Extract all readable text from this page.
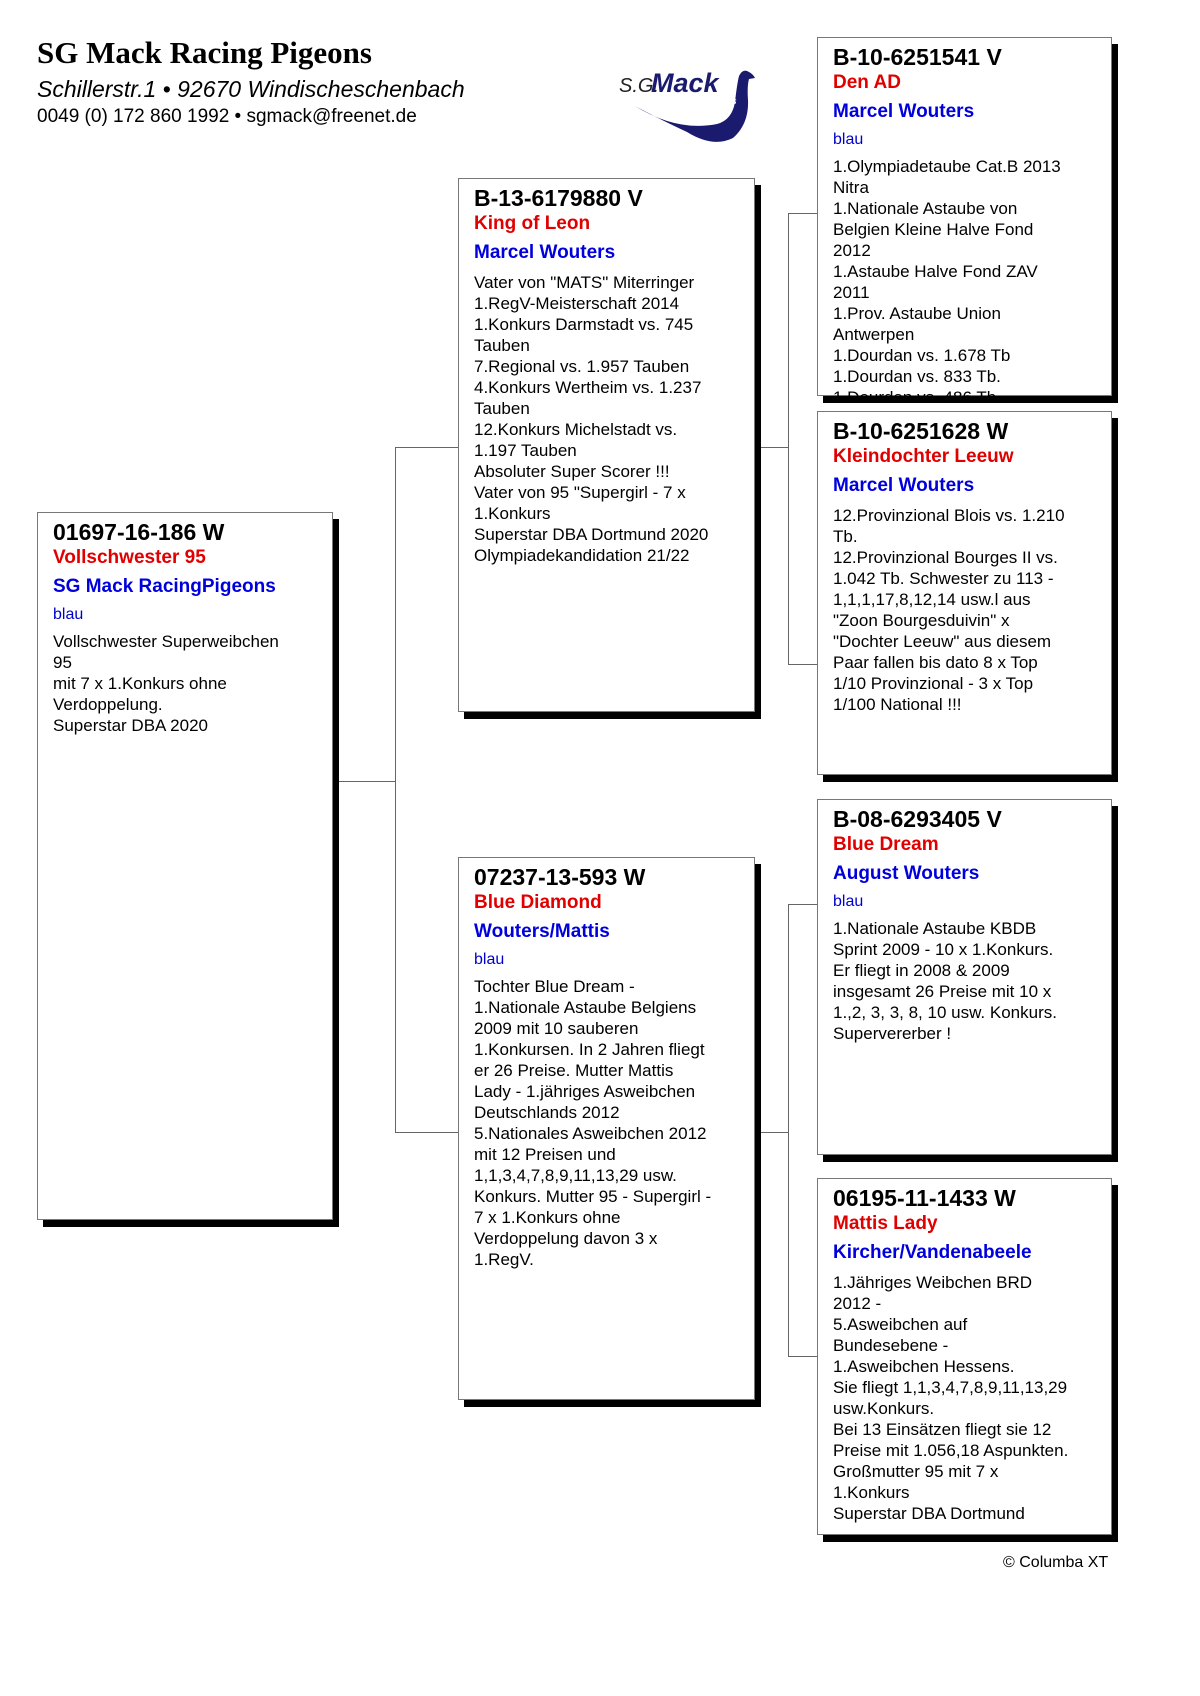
SG Mack Racing Pigeons
Schillerstr.1 • 92670 Windischeschenbach
0049 (0) 172 860 1992 • sgmack@freenet.de
S.G.
Mack
RACING PIGEONS
01697-16-186 W
Vollschwester 95
SG Mack RacingPigeons
blau
Vollschwester Superweibchen
95
mit 7 x 1.Konkurs ohne
Verdoppelung.
Superstar DBA 2020
B-13-6179880 V
King of Leon
Marcel Wouters
Vater von "MATS" Miterringer
1.RegV-Meisterschaft 2014
1.Konkurs Darmstadt vs. 745
Tauben
7.Regional vs. 1.957 Tauben
4.Konkurs Wertheim vs. 1.237
Tauben
12.Konkurs Michelstadt vs.
1.197 Tauben
Absoluter Super Scorer !!!
Vater von 95 "Supergirl - 7 x
1.Konkurs
Superstar DBA Dortmund 2020
Olympiadekandidation 21/22
07237-13-593 W
Blue Diamond
Wouters/Mattis
blau
Tochter Blue Dream -
1.Nationale Astaube Belgiens
2009 mit 10 sauberen
1.Konkursen. In 2 Jahren fliegt
er 26 Preise. Mutter Mattis
Lady - 1.jähriges Asweibchen
Deutschlands 2012
5.Nationales Asweibchen 2012
mit 12 Preisen und
1,1,3,4,7,8,9,11,13,29 usw.
Konkurs. Mutter 95 - Supergirl -
7 x 1.Konkurs ohne
Verdoppelung davon 3 x
1.RegV.
B-10-6251541 V
Den AD
Marcel Wouters
blau
1.Olympiadetaube Cat.B 2013
Nitra
1.Nationale Astaube von
Belgien Kleine Halve Fond
2012
1.Astaube Halve Fond ZAV
2011
1.Prov. Astaube Union
Antwerpen
1.Dourdan vs. 1.678 Tb
1.Dourdan vs. 833 Tb.
1.Dourdan vs. 486 Tb.
B-10-6251628 W
Kleindochter Leeuw
Marcel Wouters
12.Provinzional Blois vs. 1.210
Tb.
12.Provinzional Bourges II vs.
1.042 Tb. Schwester zu 113 -
1,1,1,17,8,12,14 usw.l aus
"Zoon Bourgesduivin" x
"Dochter Leeuw" aus diesem
Paar fallen bis dato 8 x Top
1/10 Provinzional - 3 x Top
1/100 National !!!
B-08-6293405 V
Blue Dream
August Wouters
blau
1.Nationale Astaube KBDB
Sprint 2009 - 10 x 1.Konkurs.
Er fliegt in 2008 & 2009
insgesamt 26 Preise mit 10 x
1.,2, 3, 3, 8, 10 usw. Konkurs.
Supervererber !
06195-11-1433 W
Mattis Lady
Kircher/Vandenabeele
1.Jähriges Weibchen BRD
2012 -
5.Asweibchen auf
Bundesebene -
1.Asweibchen Hessens.
Sie fliegt 1,1,3,4,7,8,9,11,13,29
usw.Konkurs.
Bei 13 Einsätzen fliegt sie 12
Preise mit 1.056,18 Aspunkten.
Großmutter 95 mit 7 x
1.Konkurs
Superstar DBA Dortmund
© Columba XT
